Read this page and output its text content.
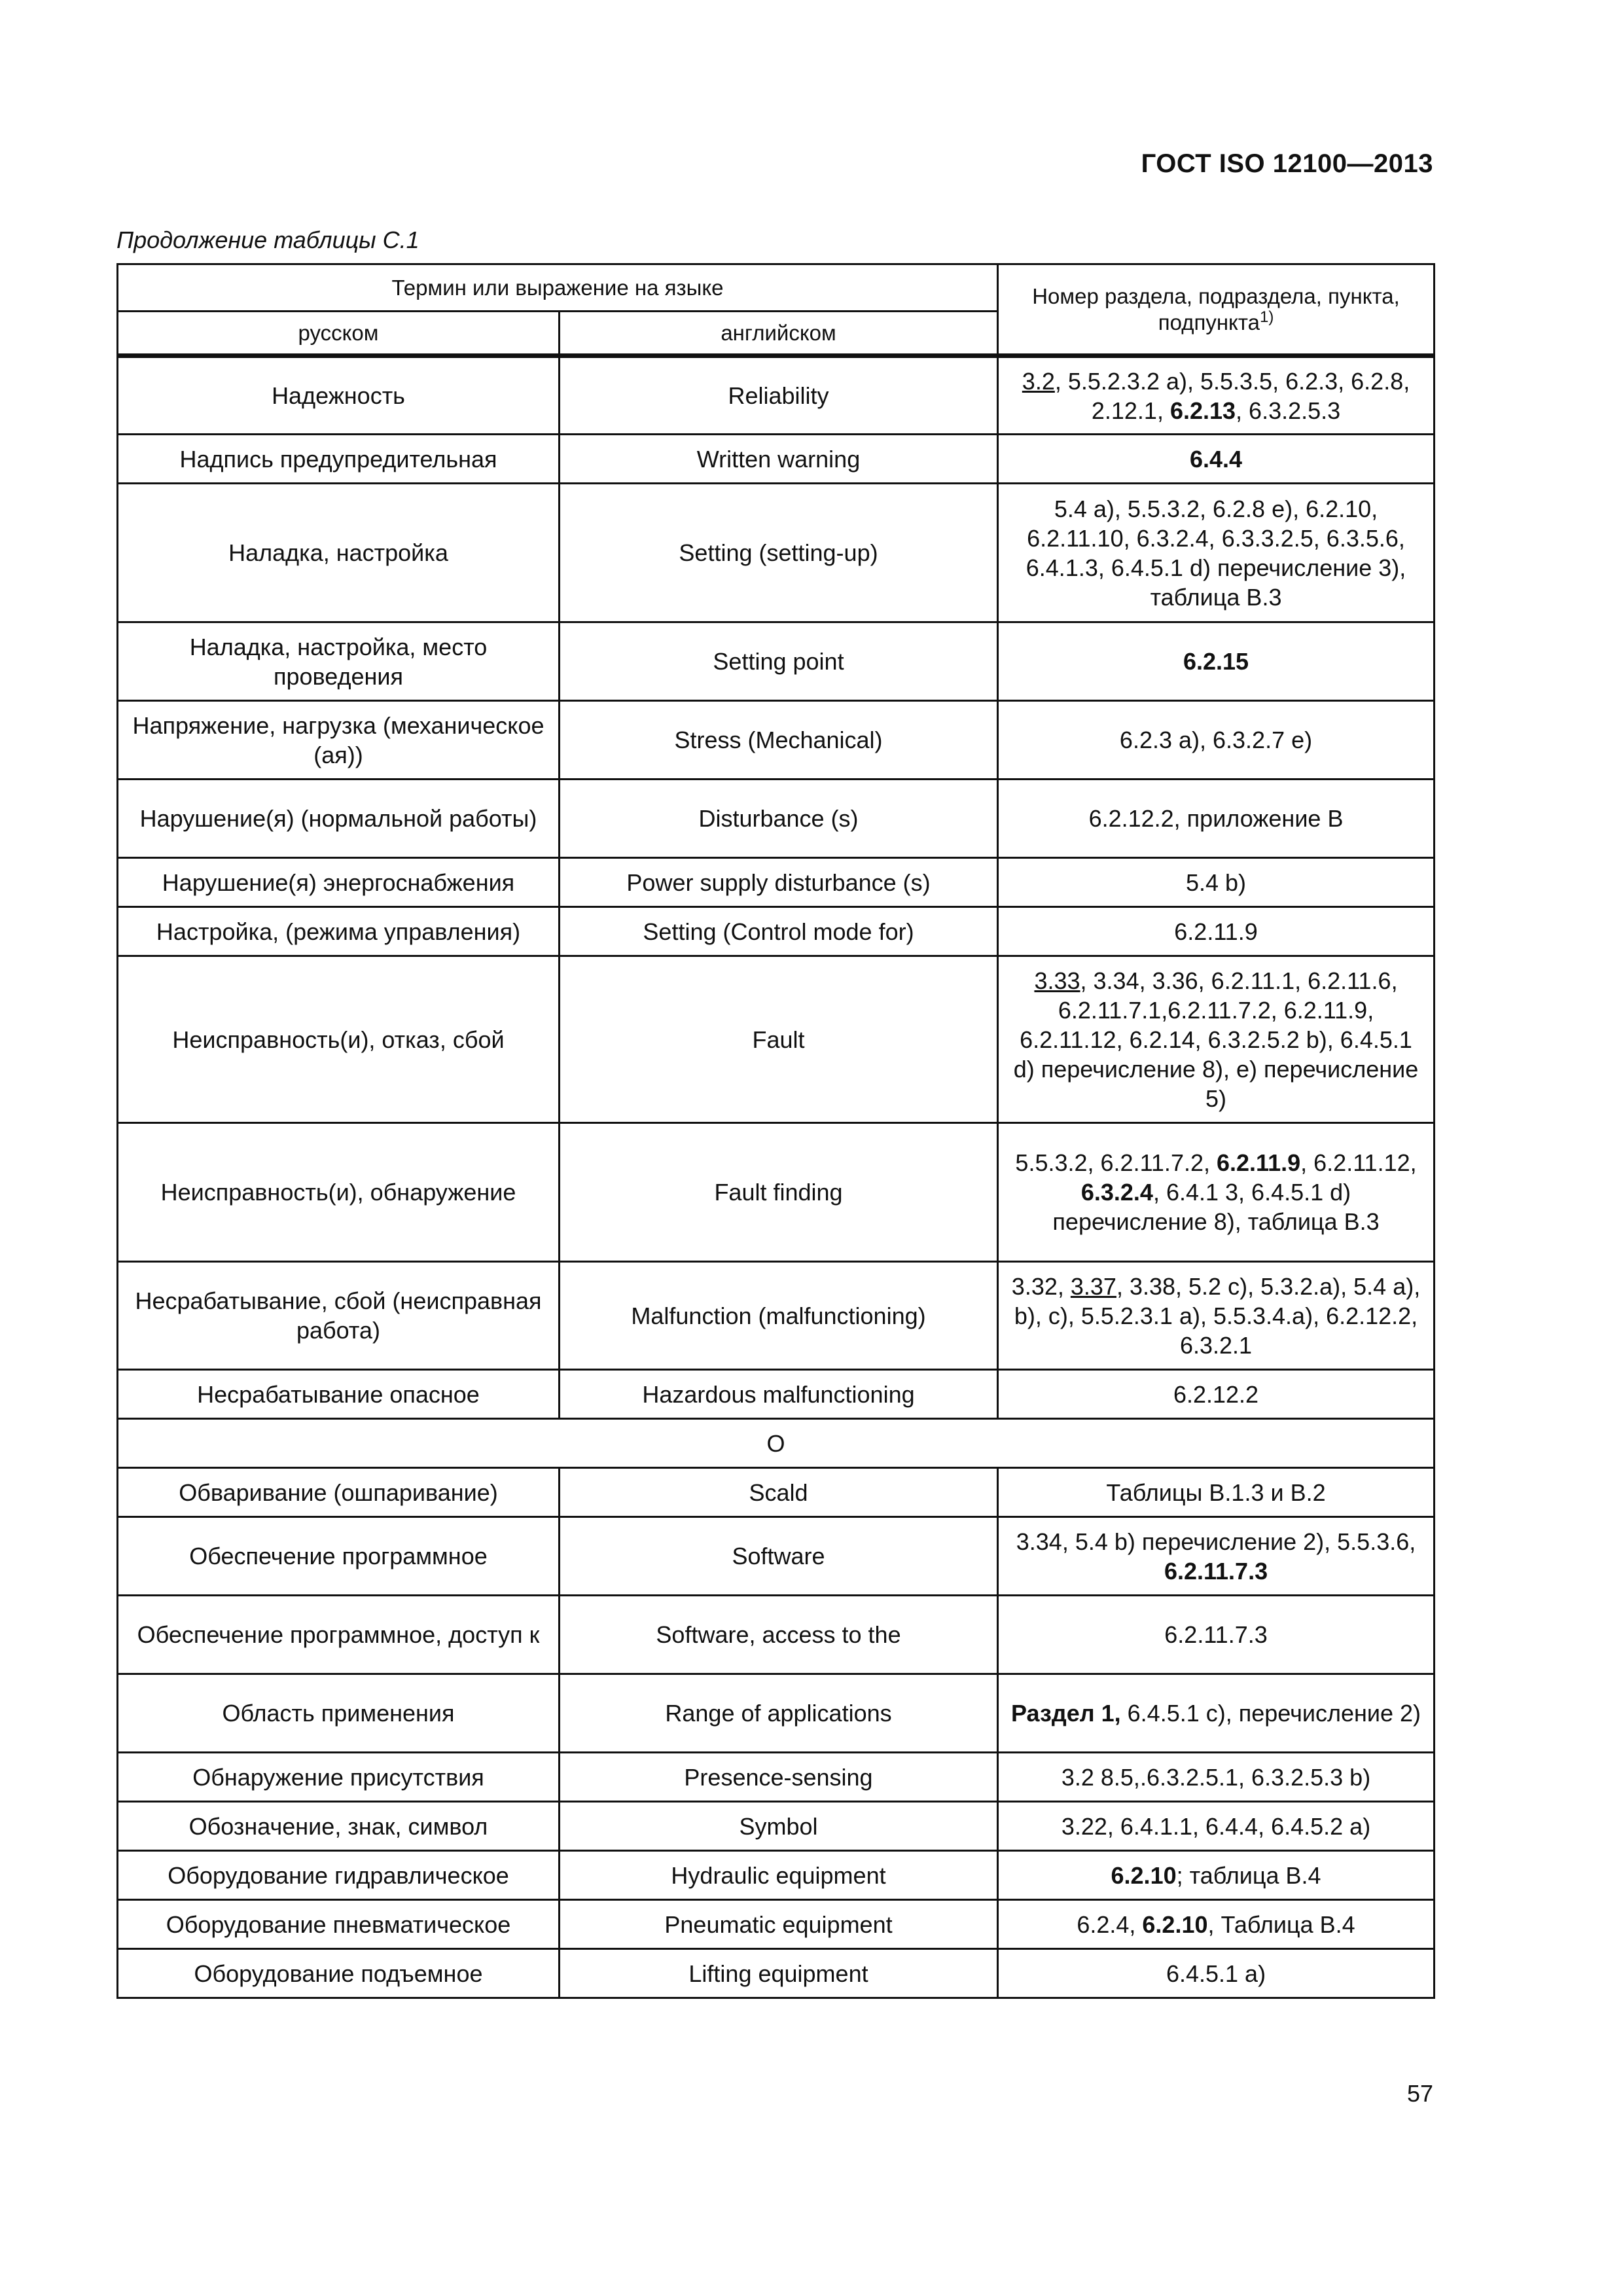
ГОСТ ISO 12100—2013
Продолжение таблицы С.1
Термин или выражение на языке		Номер раздела, подраздела, пункта, подпункта$^{1)}$
русском	английском	
Надежность	Reliability	3.2, 5.5.2.3.2 а), 5.5.3.5, 6.2.3, 6.2.8, 2.12.1, 6.2.13, 6.3.2.5.3
Надпись предупредительная	Written warning	6.4.4
Наладка, настройка	Setting (setting-up)	5.4 а), 5.5.3.2, 6.2.8 е), 6.2.10, 6.2.11.10, 6.3.2.4, 6.3.3.2.5, 6.3.5.6, 6.4.1.3, 6.4.5.1 d) перечисление 3), таблица В.3
Наладка, настройка, место проведения	Setting point	6.2.15
Напряжение, нагрузка (механическое (ая))	Stress (Mechanical)	6.2.3 а), 6.3.2.7 е)
Нарушение(я) (нормальной работы)	Disturbance (s)	6.2.12.2, приложение В
Нарушение(я) энергоснабжения	Power supply disturbance (s)	5.4 b)
Настройка, (режима управления)	Setting (Control mode for)	6.2.11.9
Неисправность(и), отказ, сбой	Fault	3.33, 3.34, 3.36, 6.2.11.1, 6.2.11.6, 6.2.11.7.1,6.2.11.7.2, 6.2.11.9, 6.2.11.12, 6.2.14, 6.3.2.5.2 b), 6.4.5.1 d) перечисление 8), е) перечисление 5)
Неисправность(и), обнаружение	Fault finding	5.5.3.2, 6.2.11.7.2, 6.2.11.9, 6.2.11.12, 6.3.2.4, 6.4.1 3, 6.4.5.1 d) перечисление 8), таблица В.3
Несрабатывание, сбой (неисправная работа)	Malfunction (malfunctioning)	3.32, 3.37, 3.38, 5.2 с), 5.3.2.а), 5.4 а), b), с), 5.5.2.3.1 а), 5.5.3.4.а), 6.2.12.2, 6.3.2.1
Несрабатывание опасное	Hazardous malfunctioning	6.2.12.2
О		
Обваривание (ошпаривание)	Scald	Таблицы В.1.3 и В.2
Обеспечение программное	Software	3.34, 5.4 b) перечисление 2), 5.5.3.6, 6.2.11.7.3
Обеспечение программное, доступ к	Software, access to the	6.2.11.7.3
Область применения	Range of applications	Раздел 1, 6.4.5.1 с), перечисление 2)
Обнаружение присутствия	Presence-sensing	3.2 8.5,.6.3.2.5.1, 6.3.2.5.3 b)
Обозначение, знак, символ	Symbol	3.22, 6.4.1.1, 6.4.4, 6.4.5.2 а)
Оборудование гидравлическое	Hydraulic equipment	6.2.10; таблица В.4
Оборудование пневматическое	Pneumatic equipment	6.2.4, 6.2.10, Таблица В.4
Оборудование подъемное	Lifting equipment	6.4.5.1 а)
57
